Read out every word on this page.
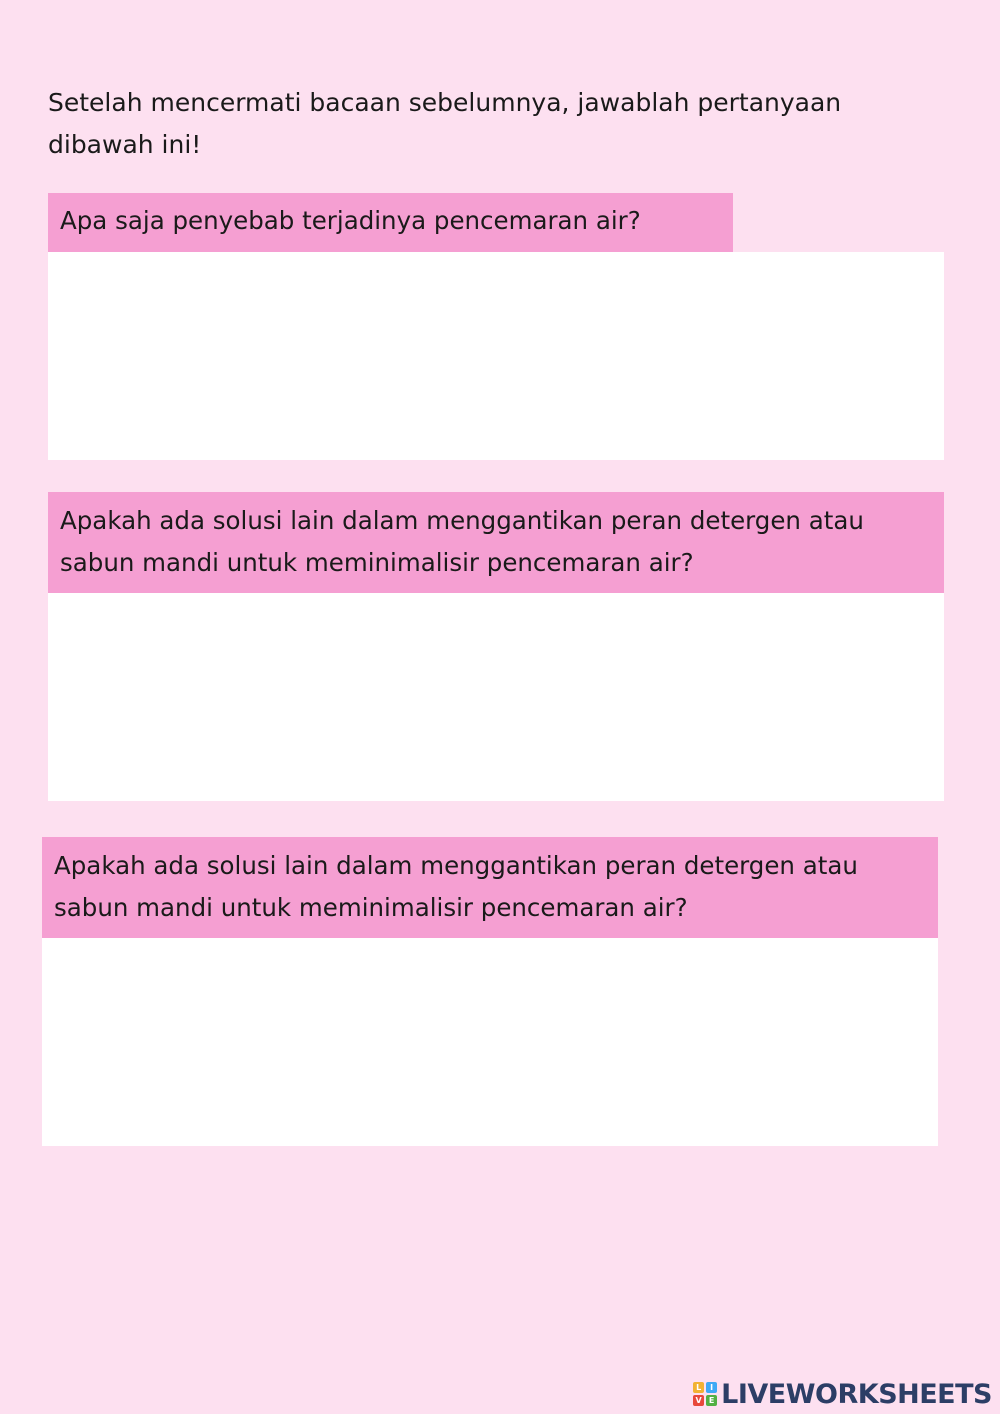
Setelah mencermati bacaan sebelumnya, jawablah pertanyaan dibawah ini!

Apa saja penyebab terjadinya pencemaran air?
Apakah ada solusi lain dalam menggantikan peran detergen atau sabun mandi untuk meminimalisir pencemaran air?
Apakah ada solusi lain dalam menggantikan peran detergen atau sabun mandi untuk meminimalisir pencemaran air?
L	I
V E LIVEWORKSHEETS
